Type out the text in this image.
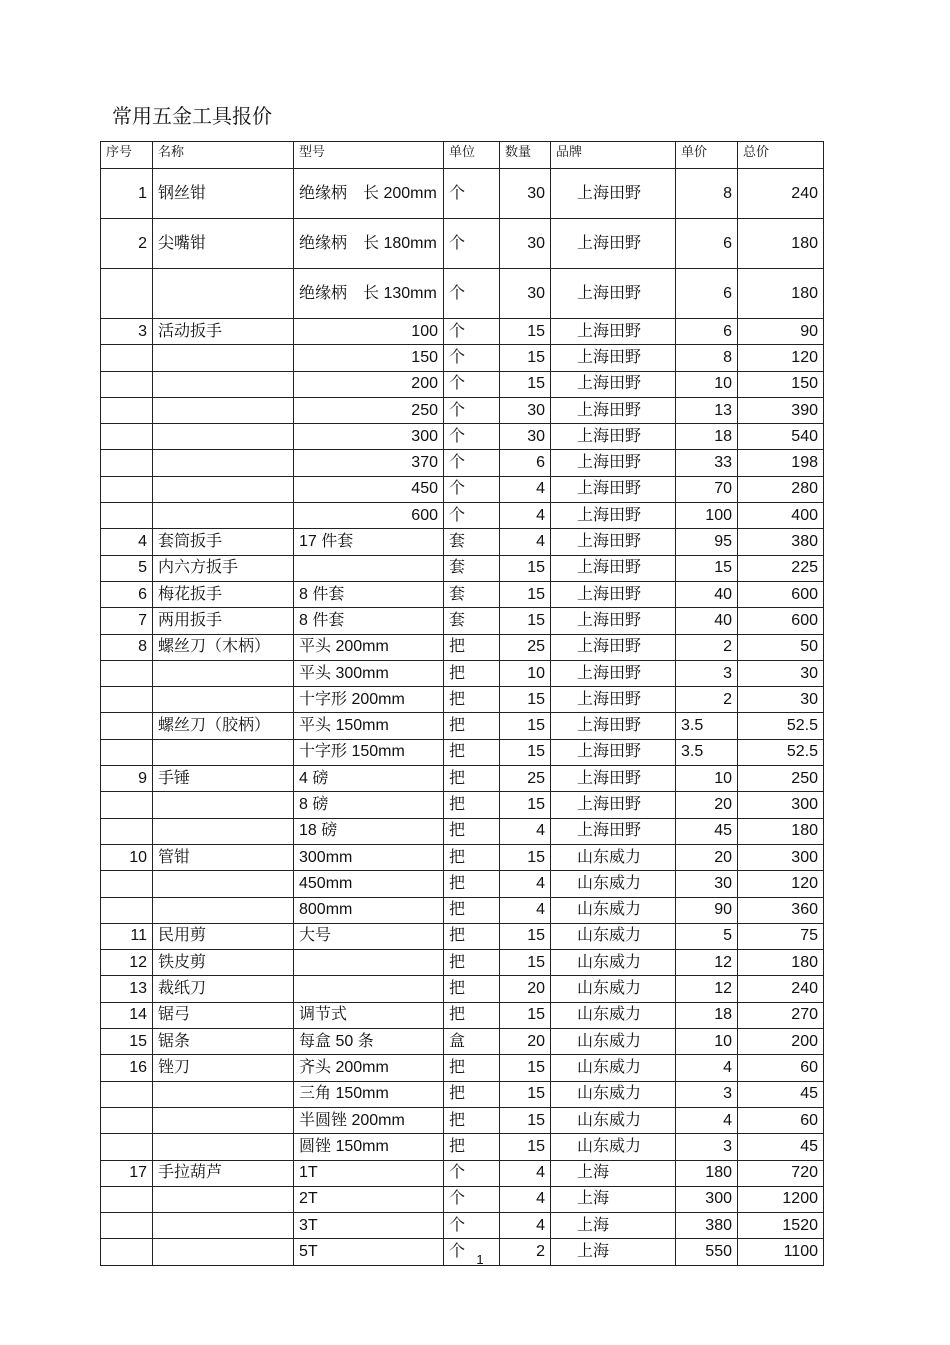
常用五金工具报价
序号	名称	型号	单位	数量	品牌	单价	总价
1	钢丝钳	绝缘柄　长 200mm	个	30	上海田野	8	240
2	尖嘴钳	绝缘柄　长 180mm	个	30	上海田野	6	180
		绝缘柄　长 130mm	个	30	上海田野	6	180
3	活动扳手	100	个	15	上海田野	6	90
		150	个	15	上海田野	8	120
		200	个	15	上海田野	10	150
		250	个	30	上海田野	13	390
		300	个	30	上海田野	18	540
		370	个	6	上海田野	33	198
		450	个	4	上海田野	70	280
		600	个	4	上海田野	100	400
4	套筒扳手	17 件套	套	4	上海田野	95	380
5	内六方扳手		套	15	上海田野	15	225
6	梅花扳手	8 件套	套	15	上海田野	40	600
7	两用扳手	8 件套	套	15	上海田野	40	600
8	螺丝刀（木柄）	平头 200mm	把	25	上海田野	2	50
		平头 300mm	把	10	上海田野	3	30
		十字形 200mm	把	15	上海田野	2	30
	螺丝刀（胶柄）	平头 150mm	把	15	上海田野	3.5	52.5
		十字形 150mm	把	15	上海田野	3.5	52.5
9	手锤	4 磅	把	25	上海田野	10	250
		8 磅	把	15	上海田野	20	300
		18 磅	把	4	上海田野	45	180
10	管钳	300mm	把	15	山东威力	20	300
		450mm	把	4	山东威力	30	120
		800mm	把	4	山东威力	90	360
11	民用剪	大号	把	15	山东威力	5	75
12	铁皮剪		把	15	山东威力	12	180
13	裁纸刀		把	20	山东威力	12	240
14	锯弓	调节式	把	15	山东威力	18	270
15	锯条	每盒 50 条	盒	20	山东威力	10	200
16	锉刀	齐头 200mm	把	15	山东威力	4	60
		三角 150mm	把	15	山东威力	3	45
		半圆锉 200mm	把	15	山东威力	4	60
		圆锉 150mm	把	15	山东威力	3	45
17	手拉葫芦	1T	个	4	上海	180	720
		2T	个	4	上海	300	1200
		3T	个	4	上海	380	1520
		5T	个	2	上海	550	1100
1
